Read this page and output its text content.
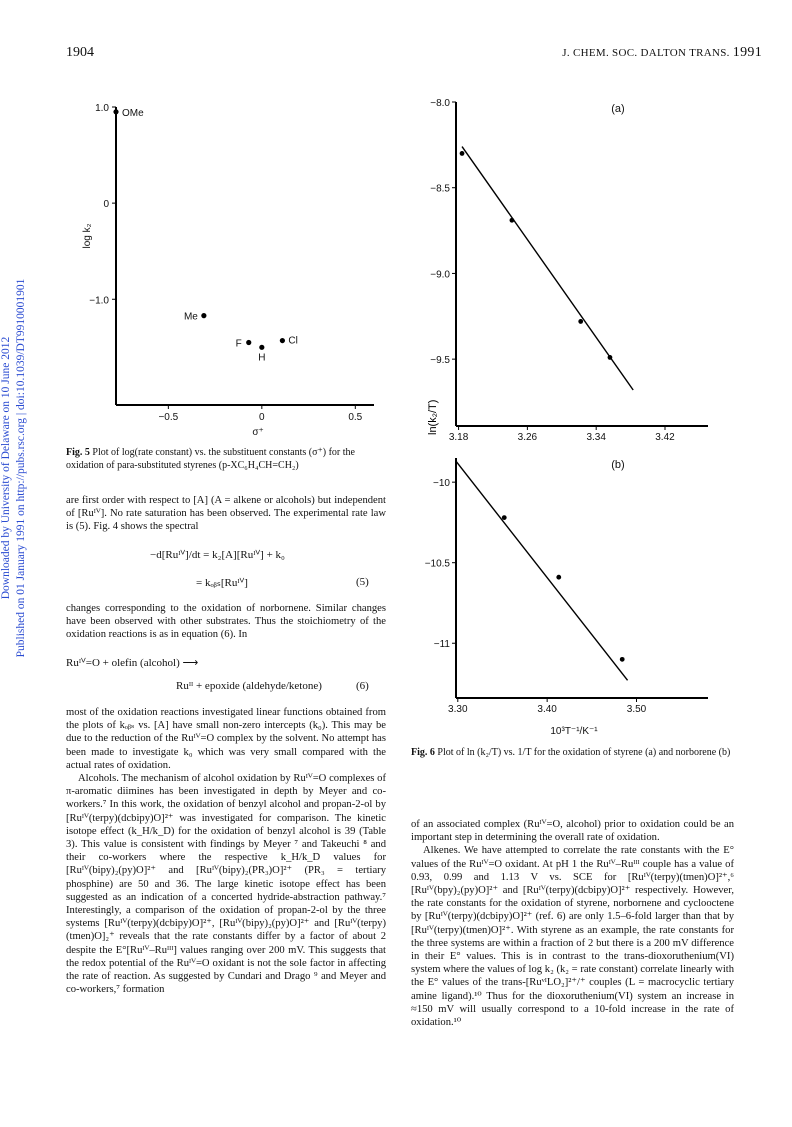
1904	J. CHEM. SOC. DALTON TRANS. 1991
Downloaded by University of Delaware on 10 June 2012 Published on 01 January 1991 on http://pubs.rsc.org | doi:10.1039/DT9910001901	−0.5	0	0.5
1.0
0
−1.0
log k₂
σ⁺
OMe
Me
F
H
Cl
Fig. 5 Plot of log(rate constant) vs. the substituent constants (σ⁺) for the oxidation of para-substituted styrenes (p-XC₆H₄CH=CH₂)
ln(k₂/T)
3.18	3.26	3.34	3.42
−8.0
−8.5
−9.0
−9.5
(a)
3.30	3.40	3.50
−10
−10.5
−11
(b)
10³T⁻¹/K⁻¹
Fig. 6 Plot of ln (k₂/T) vs. 1/T for the oxidation of styrene (a) and norborene (b)

are first order with respect to [A] (A = alkene or alcohols) but independent of [Ruᴵⱽ]. No rate saturation has been observed. The experimental rate law is (5). Fig. 4 shows the spectral

−d[Ruᴵⱽ]/dt = k₂[A][Ruᴵⱽ] + k₀
= kₒᵦₛ[Ruᴵⱽ]	(5)

changes corresponding to the oxidation of norbornene. Similar changes have been observed with other substrates. Thus the stoichiometry of the oxidation reactions is as in equation (6). In

Ruᴵⱽ=O + olefin (alcohol) ⟶
Ruᴵᴵ + epoxide (aldehyde/ketone)	(6)

most of the oxidation reactions investigated linear functions obtained from the plots of kₒᵦₛ vs. [A] have small non-zero intercepts (k₀). This may be due to the reduction of the Ruᴵⱽ=O complex by the solvent. No attempt has been made to investigate k₀ which was very small compared with the actual rates of oxidation.

Alcohols. The mechanism of alcohol oxidation by Ruᴵⱽ=O complexes of π-aromatic diimines has been investigated in depth by Meyer and co-workers.⁷ In this work, the oxidation of benzyl alcohol and propan-2-ol by [Ruᴵⱽ(terpy)(dcbipy)O]²⁺ was investigated for comparison. The kinetic isotope effect (k_H/k_D) for the oxidation of benzyl alcohol is 39 (Table 3). This value is consistent with findings by Meyer ⁷ and Takeuchi ⁸ and their co-workers where the respective k_H/k_D values for [Ruᴵⱽ(bipy)₂(py)O]²⁺ and [Ruᴵⱽ(bipy)₂(PR₃)O]²⁺ (PR₃ = tertiary phosphine) are 50 and 36. The large kinetic isotope effect has been suggested as an indication of a concerted hydride-abstraction pathway.⁷ Interestingly, a comparison of the oxidation of propan-2-ol by the three systems [Ruᴵⱽ(terpy)(dcbipy)O]²⁺, [Ruᴵⱽ(bipy)₂(py)O]²⁺ and [Ruᴵⱽ(terpy)(tmen)O]₂⁺ reveals that the rate constants differ by a factor of about 2 despite the E°[Ruᴵⱽ–Ruᴵᴵᴵ] values ranging over 200 mV. This suggests that the redox potential of the Ruᴵⱽ=O oxidant is not the sole factor in affecting the rate of reaction. As suggested by Cundari and Drago ⁹ and Meyer and co-workers,⁷ formation

of an associated complex (Ruᴵⱽ=O, alcohol) prior to oxidation could be an important step in determining the overall rate of oxidation.

Alkenes. We have attempted to correlate the rate constants with the E° values of the Ruᴵⱽ=O oxidant. At pH 1 the Ruᴵⱽ–Ruᴵᴵᴵ couple has a value of 0.93, 0.99 and 1.13 V vs. SCE for [Ruᴵⱽ(terpy)(tmen)O]²⁺,⁶ [Ruᴵⱽ(bpy)₂(py)O]²⁺ and [Ruᴵⱽ(terpy)(dcbipy)O]²⁺ respectively. However, the rate constants for the oxidation of styrene, norbornene and cyclooctene by [Ruᴵⱽ(terpy)(dcbipy)O]²⁺ (ref. 6) are only 1.5–6-fold larger than that by [Ruᴵⱽ(terpy)(tmen)O]²⁺. With styrene as an example, the rate constants for the three systems are within a fraction of 2 but there is a 200 mV difference in their E° values. This is in contrast to the trans-dioxoruthenium(VI) system where the values of log k₂ (k₂ = rate constant) correlate linearly with the E° values of the trans-[RuᵛᴵLO₂]²⁺/⁺ couples (L = macrocyclic tertiary amine ligand).¹⁰ Thus for the dioxoruthenium(VI) system an increase in ≈150 mV will usually correspond to a 10-fold increase in the rate of oxidation.¹⁰
